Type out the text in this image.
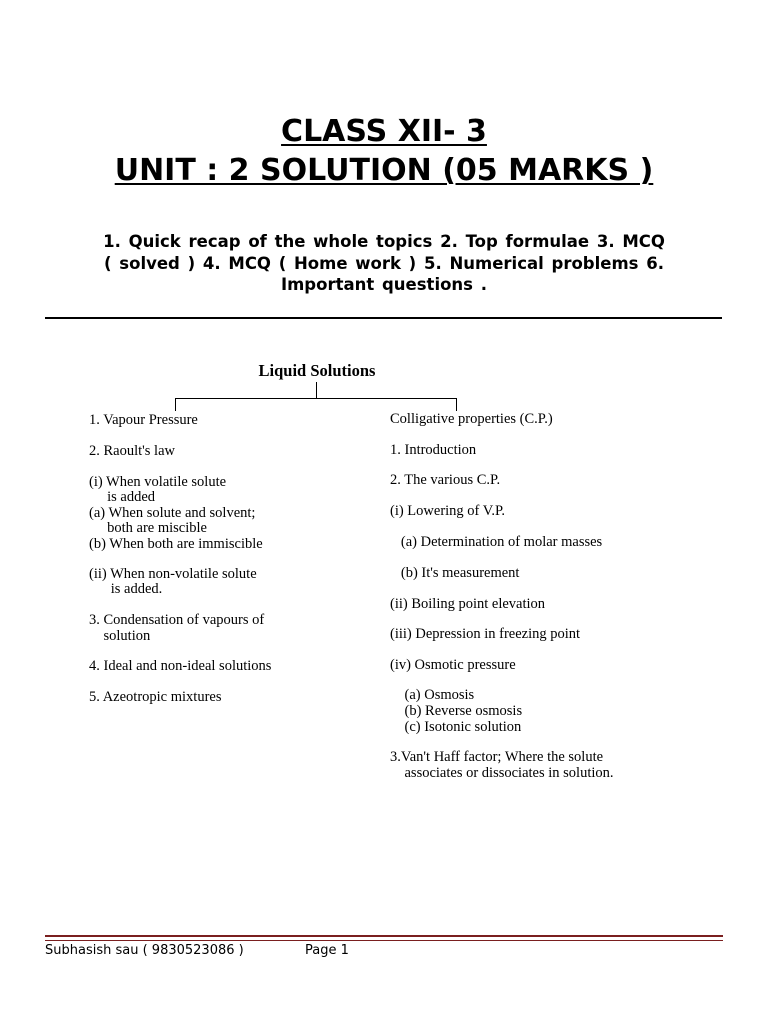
CLASS XII- 3
UNIT : 2 SOLUTION (05 MARKS )
1. Quick recap of the whole topics 2. Top formulae 3. MCQ
( solved ) 4. MCQ ( Home work ) 5. Numerical problems 6.
Important questions .
Liquid Solutions
1. Vapour Pressure
2. Raoult's law
(i) When volatile solute
is added
(a) When solute and solvent;
both are miscible
(b) When both are immiscible
(ii) When non-volatile solute
is added.
3. Condensation of vapours of
solution
4. Ideal and non-ideal solutions
5. Azeotropic mixtures
Colligative properties (C.P.)
1. Introduction
2. The various C.P.
(i) Lowering of V.P.
(a) Determination of molar masses
(b) It's measurement
(ii) Boiling point elevation
(iii) Depression in freezing point
(iv) Osmotic pressure
(a) Osmosis
(b) Reverse osmosis
(c) Isotonic solution
3.Van't Haff factor; Where the solute
associates or dissociates in solution.
Subhasish sau ( 9830523086 )	Page 1
